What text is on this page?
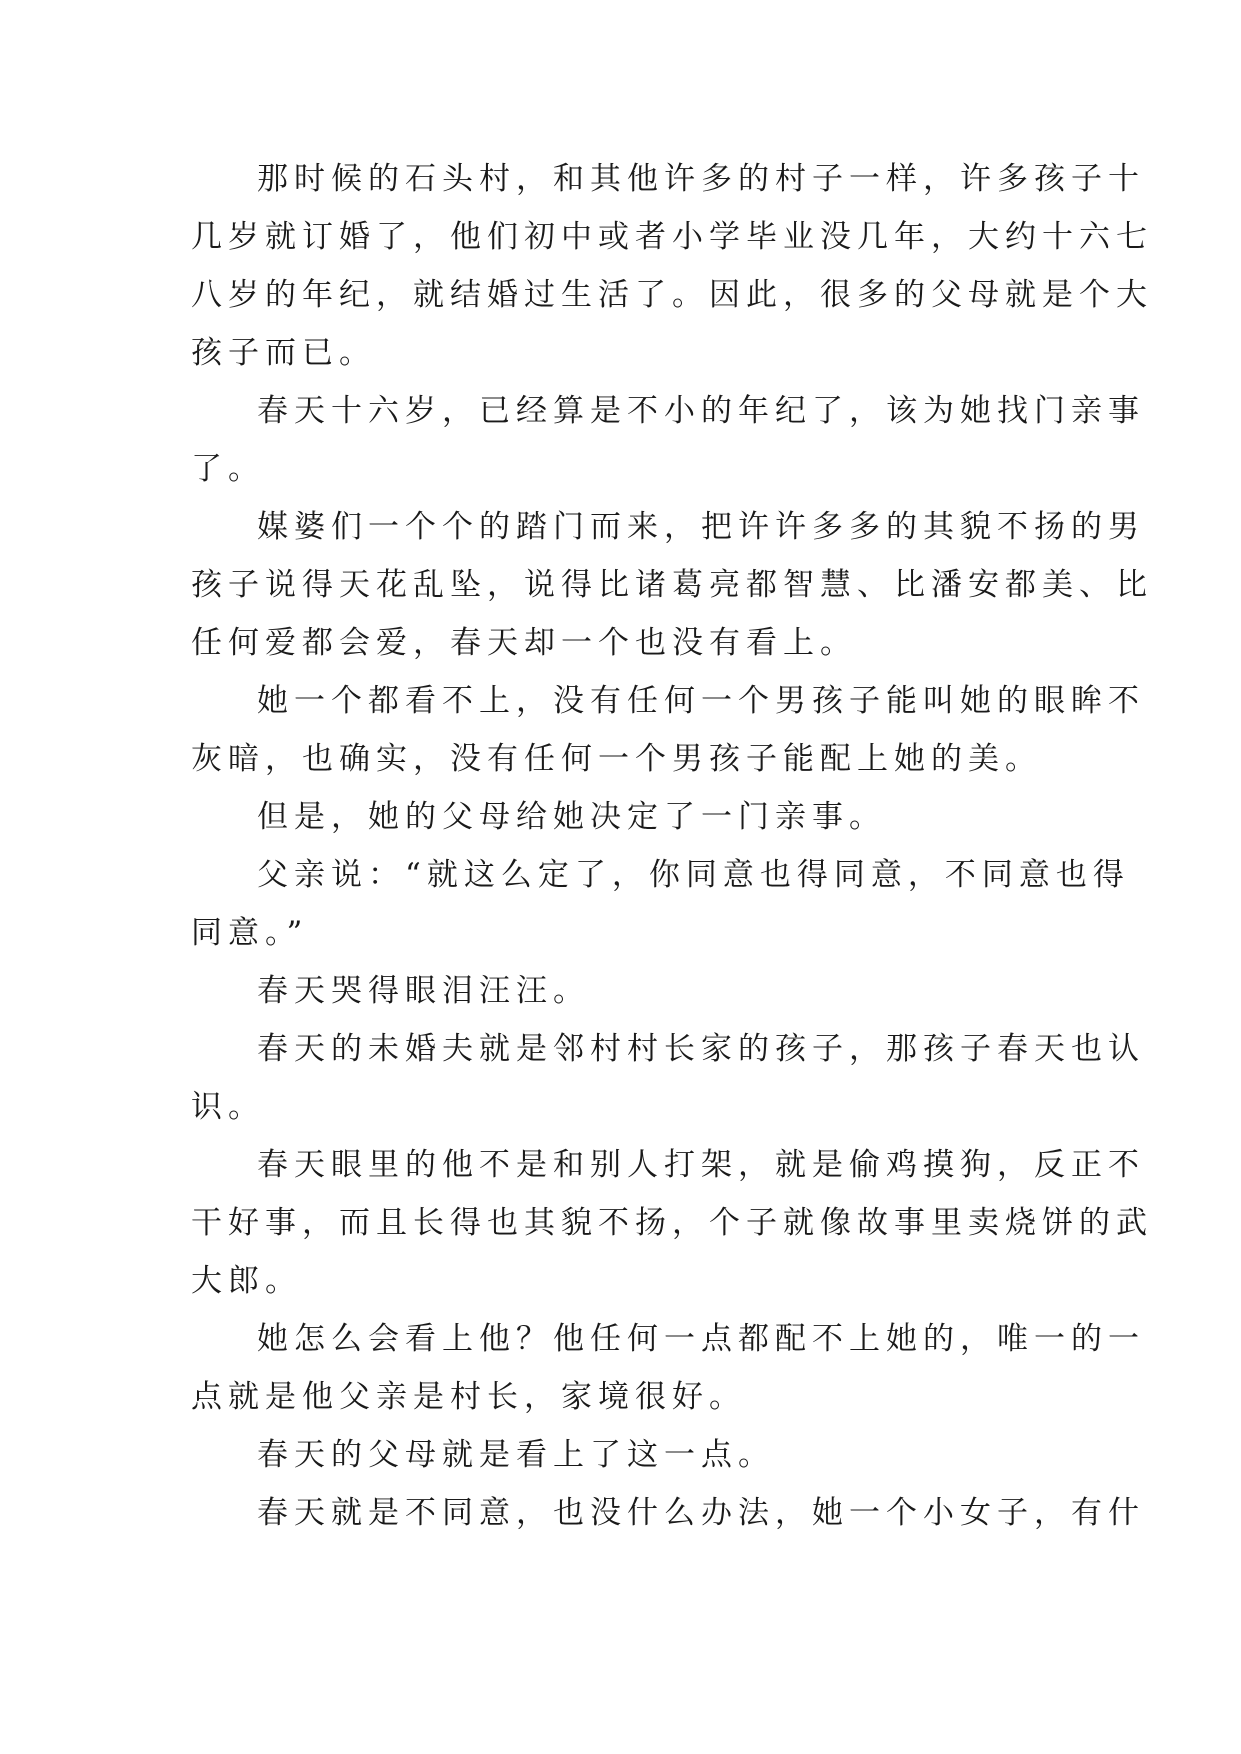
那时候的石头村，和其他许多的村子一样，许多孩子十
几岁就订婚了，他们初中或者小学毕业没几年，大约十六七
八岁的年纪，就结婚过生活了。因此，很多的父母就是个大
孩子而已。
春天十六岁，已经算是不小的年纪了，该为她找门亲事
了。
媒婆们一个个的踏门而来，把许许多多的其貌不扬的男
孩子说得天花乱坠，说得比诸葛亮都智慧、比潘安都美、比
任何爱都会爱，春天却一个也没有看上。
她一个都看不上，没有任何一个男孩子能叫她的眼眸不
灰暗，也确实，没有任何一个男孩子能配上她的美。
但是，她的父母给她决定了一门亲事。
父亲说：“就这么定了，你同意也得同意，不同意也得
同意。”
春天哭得眼泪汪汪。
春天的未婚夫就是邻村村长家的孩子，那孩子春天也认
识。
春天眼里的他不是和别人打架，就是偷鸡摸狗，反正不
干好事，而且长得也其貌不扬，个子就像故事里卖烧饼的武
大郎。
她怎么会看上他？他任何一点都配不上她的，唯一的一
点就是他父亲是村长，家境很好。
春天的父母就是看上了这一点。
春天就是不同意，也没什么办法，她一个小女子，有什
